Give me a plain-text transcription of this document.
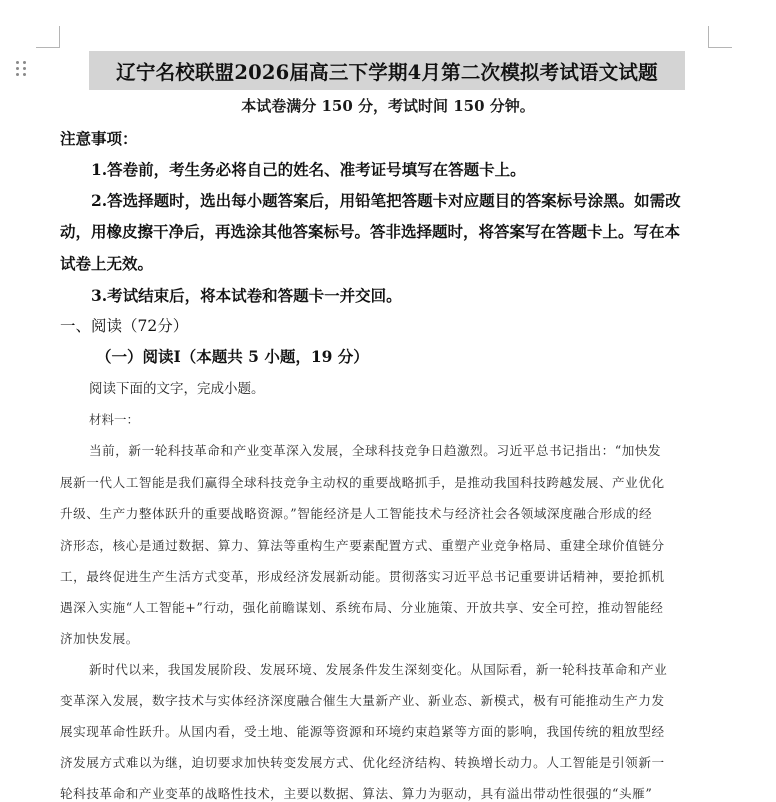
辽宁名校联盟2026届高三下学期4月第二次模拟考试语文试题
本试卷满分 150 分，考试时间 150 分钟。
注意事项：
1.答卷前，考生务必将自己的姓名、准考证号填写在答题卡上。
2.答选择题时，选出每小题答案后，用铅笔把答题卡对应题目的答案标号涂黑。如需改
动，用橡皮擦干净后，再选涂其他答案标号。答非选择题时，将答案写在答题卡上。写在本
试卷上无效。
3.考试结束后，将本试卷和答题卡一并交回。
一、阅读（72分）
（一）阅读Ⅰ（本题共 5 小题，19 分）
阅读下面的文字，完成小题。
材料一：
当前，新一轮科技革命和产业变革深入发展，全球科技竞争日趋激烈。习近平总书记指出：“加快发
展新一代人工智能是我们赢得全球科技竞争主动权的重要战略抓手，是推动我国科技跨越发展、产业优化
升级、生产力整体跃升的重要战略资源。”智能经济是人工智能技术与经济社会各领域深度融合形成的经
济形态，核心是通过数据、算力、算法等重构生产要素配置方式、重塑产业竞争格局、重建全球价值链分
工，最终促进生产生活方式变革，形成经济发展新动能。贯彻落实习近平总书记重要讲话精神，要抢抓机
遇深入实施“人工智能+”行动，强化前瞻谋划、系统布局、分业施策、开放共享、安全可控，推动智能经
济加快发展。
新时代以来，我国发展阶段、发展环境、发展条件发生深刻变化。从国际看，新一轮科技革命和产业
变革深入发展，数字技术与实体经济深度融合催生大量新产业、新业态、新模式，极有可能推动生产力发
展实现革命性跃升。从国内看，受土地、能源等资源和环境约束趋紧等方面的影响，我国传统的粗放型经
济发展方式难以为继，迫切要求加快转变发展方式、优化经济结构、转换增长动力。人工智能是引领新一
轮科技革命和产业变革的战略性技术，主要以数据、算法、算力为驱动，具有溢出带动性很强的“头雁”
